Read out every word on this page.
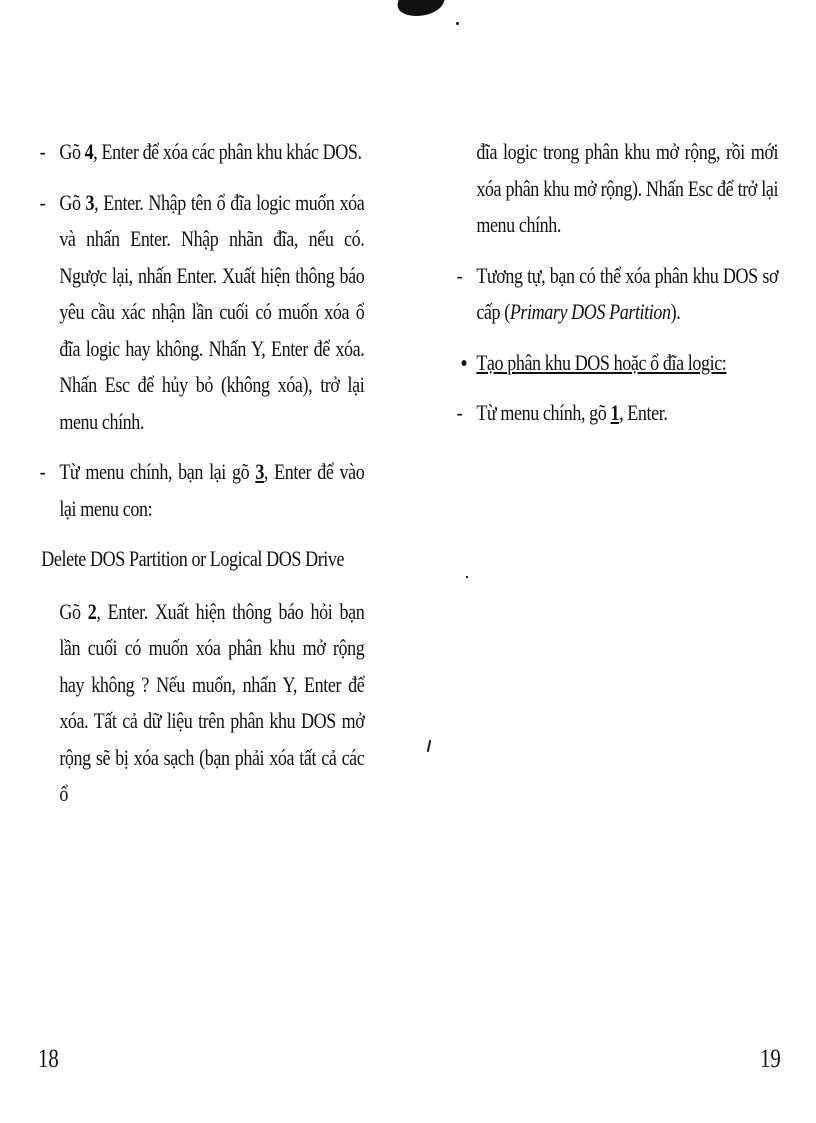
- Gõ 4, Enter để xóa các phân khu khác DOS.
- Gõ 3, Enter. Nhập tên ổ đĩa logic muốn xóa và nhấn Enter. Nhập nhãn đĩa, nếu có. Ngược lại, nhấn Enter. Xuất hiện thông báo yêu cầu xác nhận lần cuối có muốn xóa ổ đĩa logic hay không. Nhấn Y, Enter để xóa. Nhấn Esc để hủy bỏ (không xóa), trở lại menu chính.
- Từ menu chính, bạn lại gõ 3, Enter để vào lại menu con:
Delete DOS Partition or Logical DOS Drive
Gõ 2, Enter. Xuất hiện thông báo hỏi bạn lần cuối có muốn xóa phân khu mở rộng hay không ? Nếu muốn, nhấn Y, Enter để xóa. Tất cả dữ liệu trên phân khu DOS mở rộng sẽ bị xóa sạch (bạn phải xóa tất cả các ổ
đĩa logic trong phân khu mở rộng, rồi mới xóa phân khu mở rộng). Nhấn Esc để trở lại menu chính.
- Tương tự, bạn có thể xóa phân khu DOS sơ cấp (Primary DOS Partition).
Tạo phân khu DOS hoặc ổ đĩa logic:
- Từ menu chính, gõ 1, Enter.
18	19
